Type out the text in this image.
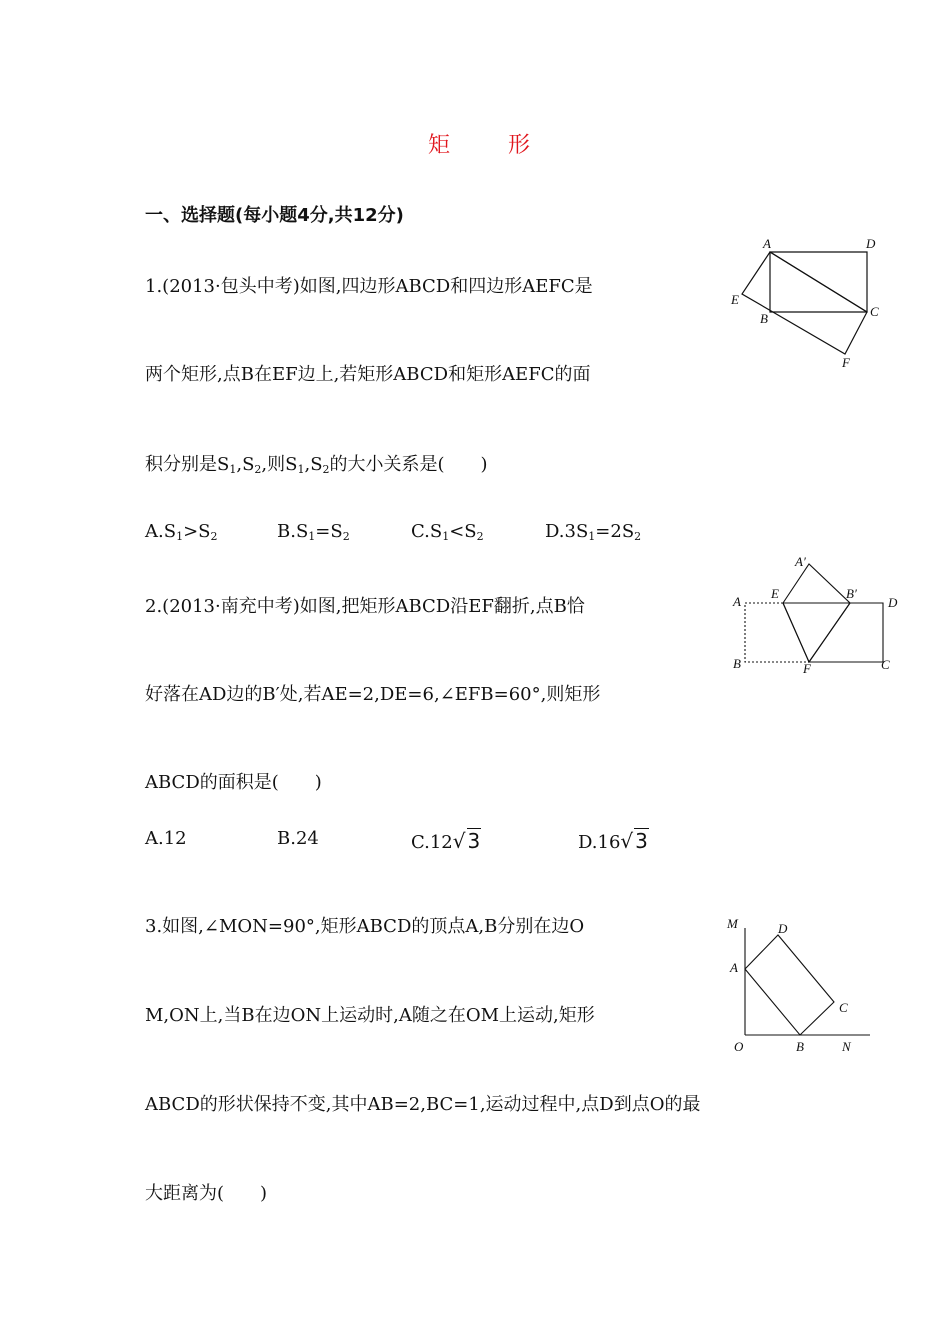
矩	形
一、选择题(每小题4分,共12分)
1.(2013·包头中考)如图,四边形ABCD和四边形AEFC是
两个矩形,点B在EF边上,若矩形ABCD和矩形AEFC的面
积分别是$S_1,S_2$,则$S_1,S_2$的大小关系是(　　)
$A.S_1>S_2$	$B.S_1=S_2$	$C.S_1<S_2$	$D.3S_1=2S_2$
A	D
E
B	C
F
2.(2013·南充中考)如图,把矩形ABCD沿EF翻折,点B恰
好落在AD边的B′处,若AE=2,DE=6,∠EFB=60°,则矩形
ABCD的面积是(　　)
A.12	B.24	C.12√ 3	D.16√ 3
A
A′
E	B′
D
B	F	C
3.如图,∠MON=90°,矩形ABCD的顶点A,B分别在边O
M,ON上,当B在边ON上运动时,A随之在OM上运动,矩形
ABCD的形状保持不变,其中AB=2,BC=1,运动过程中,点D到点O的最
大距离为(　　)
M	D
A
C
O	B	N
